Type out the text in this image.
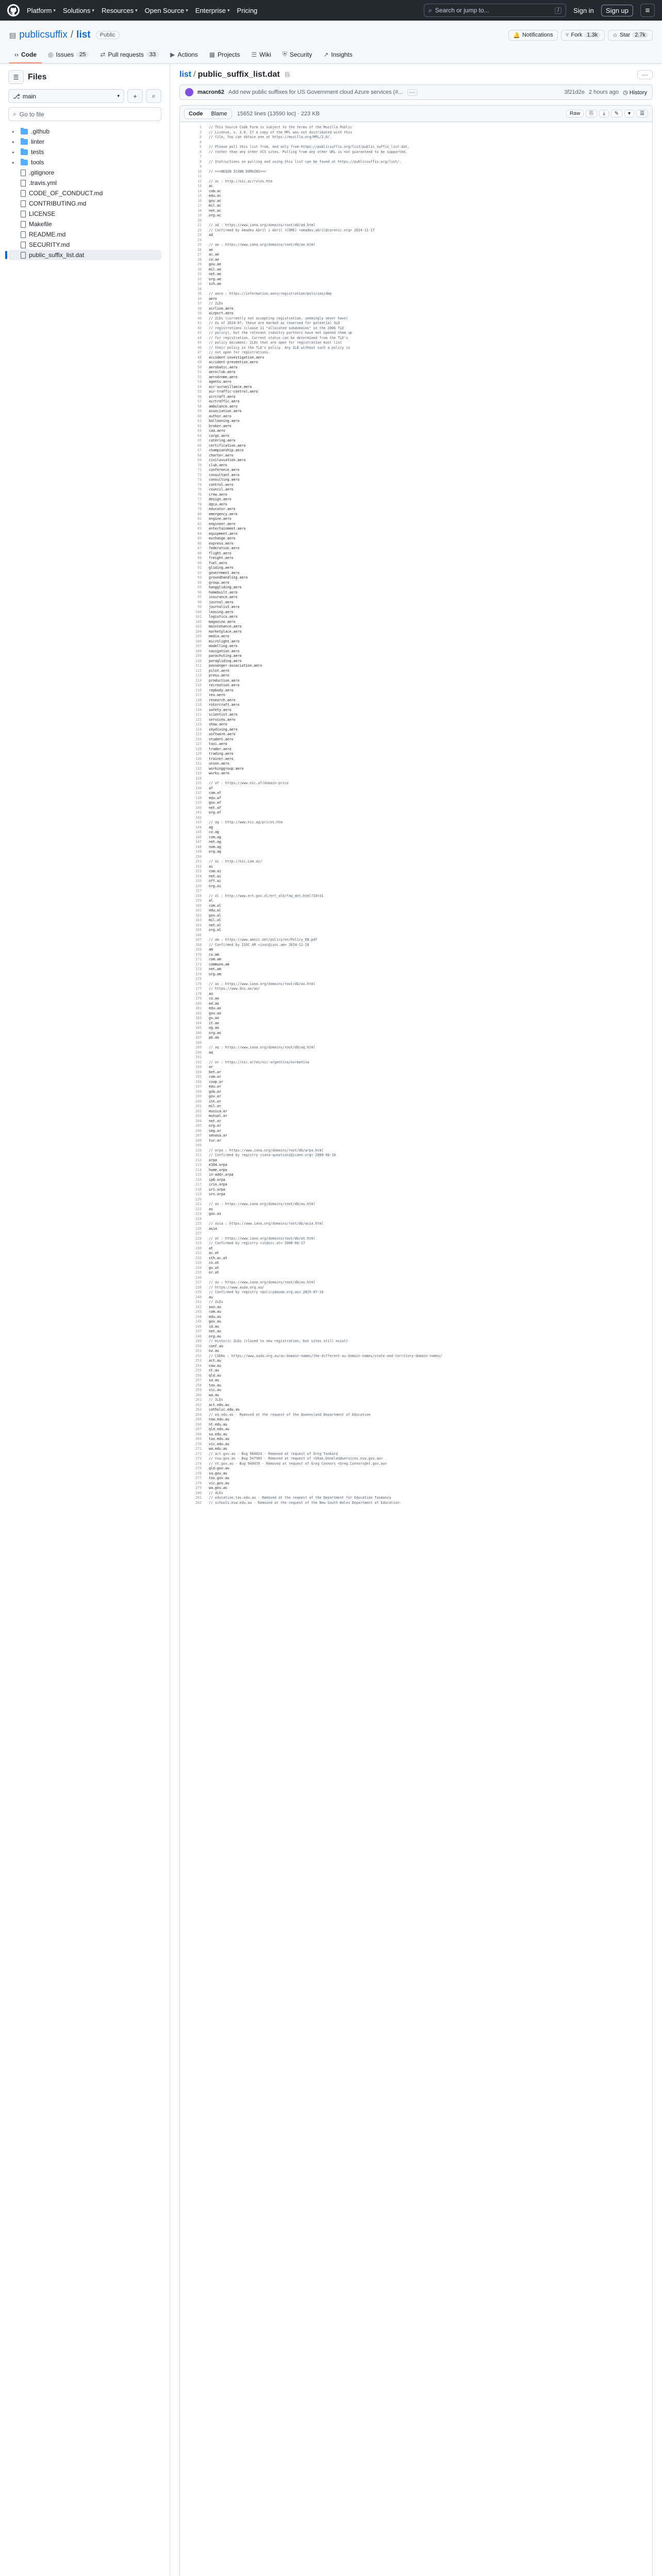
Platform ▾ Solutions ▾ Resources ▾ Open Source ▾ Enterprise ▾ Pricing	⌕ Search or jump to...	/	Sign in	Sign up	≡
▤ publicsuffix / list	Public	🔔 Notifications ⑂ Fork 1.3k	☆ Star 2.7k
‹› Code ◎ Issues	25	⇄ Pull requests	33	▶ Actions ▦ Projects ☰ Wiki ⛨ Security ↗ Insights
☰	Files
⎇ main	▾	+	⌕
⌕ Go to file
▸	.github
▸	linter
▸	tests
▸	tools
.gitignore
.travis.yml
CODE_OF_CONDUCT.md
CONTRIBUTING.md
LICENSE
Makefile
README.md
SECURITY.md
public_suffix_list.dat
list / public_suffix_list.dat ⎘	···
macron62 Add new public suffixes for US Government cloud Azure services (#...	···	3f21d2e 2 hours ago ◷ History
Code	Blame	15652 lines (13590 loc) · 223 KB	Raw	⎘	⤓	✎	▾	☰
1	// This Source Code Form is subject to the terms of the Mozilla Public
2	// License, v. 2.0. If a copy of the MPL was not distributed with this
3	// file, You can obtain one at https://mozilla.org/MPL/2.0/.
4
5	// Please pull this list from, and only from https://publicsuffix.org/list/public_suffix_list.dat,
6	// rather than any other VCS sites. Pulling from any other URL is not guaranteed to be supported.
7
8	// Instructions on pulling and using this list can be found at https://publicsuffix.org/list/.
9
10	// ===BEGIN ICANN DOMAINS===
11
12	// ac : http://nic.ac/rules.htm
13	ac
14	com.ac
15	edu.ac
16	gov.ac
17	mil.ac
18	net.ac
19	org.ac
20
21	// ad : https://www.iana.org/domains/root/db/ad.html
22	// Confirmed by Amadeu Abril i Abril (CORE) <amadeu.abril@corenic.org> 2024-11-17
23	ad
24
25	// ae : https://www.iana.org/domains/root/db/ae.html
26	ae
27	ac.ae
28	co.ae
29	gov.ae
30	mil.ae
31	net.ae
32	org.ae
33	sch.ae
34
35	// aero : https://information.aero/registration/policies/dmp
36	aero
37	// 2LDs
38	airline.aero
39	airport.aero
40	// 2LDs (currently not accepting registration, seemingly never have)
41	// As of 2024-07, these are marked as reserved for potential 3LD
42	// registrations (clause 11 "allocated subdomains" in the 2006 TLD
43	// policy), but the relevant industry partners have not opened them up
44	// for registration. Current status can be determined from the TLD's
45	// policy document: 2LDs that are open for registration must list
46	// their policy in the TLD's policy. Any 2LD without such a policy is
47	// not open for registrations.
48	accident-investigation.aero
49	accident-prevention.aero
50	aerobatic.aero
51	aeroclub.aero
52	aerodrome.aero
53	agents.aero
54	air-surveillance.aero
55	air-traffic-control.aero
56	aircraft.aero
57	airtraffic.aero
58	ambulance.aero
59	association.aero
60	author.aero
61	ballooning.aero
62	broker.aero
63	caa.aero
64	cargo.aero
65	catering.aero
66	certification.aero
67	championship.aero
68	charter.aero
69	civilaviation.aero
70	club.aero
71	conference.aero
72	consultant.aero
73	consulting.aero
74	control.aero
75	council.aero
76	crew.aero
77	design.aero
78	dgca.aero
79	educator.aero
80	emergency.aero
81	engine.aero
82	engineer.aero
83	entertainment.aero
84	equipment.aero
85	exchange.aero
86	express.aero
87	federation.aero
88	flight.aero
89	freight.aero
90	fuel.aero
91	gliding.aero
92	government.aero
93	groundhandling.aero
94	group.aero
95	hanggliding.aero
96	homebuilt.aero
97	insurance.aero
98	journal.aero
99	journalist.aero
100	leasing.aero
101	logistics.aero
102	magazine.aero
103	maintenance.aero
104	marketplace.aero
105	media.aero
106	microlight.aero
107	modelling.aero
108	navigation.aero
109	parachuting.aero
110	paragliding.aero
111	passenger-association.aero
112	pilot.aero
113	press.aero
114	production.aero
115	recreation.aero
116	repbody.aero
117	res.aero
118	research.aero
119	rotorcraft.aero
120	safety.aero
121	scientist.aero
122	services.aero
123	show.aero
124	skydiving.aero
125	software.aero
126	student.aero
127	taxi.aero
128	trader.aero
129	trading.aero
130	trainer.aero
131	union.aero
132	workinggroup.aero
133	works.aero
134
135	// af : https://www.nic.af/domain-price
136	af
137	com.af
138	edu.af
139	gov.af
140	net.af
141	org.af
142
143	// ag : http://www.nic.ag/prices.htm
144	ag
145	co.ag
146	com.ag
147	net.ag
148	nom.ag
149	org.ag
150
151	// ai : http://nic.com.ai/
152	ai
153	com.ai
154	net.ai
155	off.ai
156	org.ai
157
158	// al : http://www.ert.gov.al/ert_alb/faq_det.html?Id=31
159	al
160	com.al
161	edu.al
162	gov.al
163	mil.al
164	net.al
165	org.al
166
167	// am : https://www.amnic.net/policy/en/Policy_EN.pdf
168	// Confirmed by ISOC AM <isoc@isoc.am> 2024-11-18
169	am
170	co.am
171	com.am
172	commune.am
173	net.am
174	org.am
175
176	// ao : https://www.iana.org/domains/root/db/ao.html
177	// https://www.dns.ao/ao/
178	ao
179	co.ao
180	ed.ao
181	edu.ao
182	gov.ao
183	gv.ao
184	it.ao
185	og.ao
186	org.ao
187	pb.ao
188
189	// aq : https://www.iana.org/domains/root/db/aq.html
190	aq
191
192	// ar : https://nic.ar/es/nic-argentina/normativa
193	ar
194	bet.ar
195	com.ar
196	coop.ar
197	edu.ar
198	gob.ar
199	gov.ar
200	int.ar
201	mil.ar
202	musica.ar
203	mutual.ar
204	net.ar
205	org.ar
206	seg.ar
207	senasa.ar
208	tur.ar
209
210	// arpa : https://www.iana.org/domains/root/db/arpa.html
211	// Confirmed by registry <iana-questions@icann.org> 2008-06-18
212	arpa
213	e164.arpa
214	home.arpa
215	in-addr.arpa
216	ip6.arpa
217	iris.arpa
218	uri.arpa
219	urn.arpa
220
221	// as : https://www.iana.org/domains/root/db/as.html
222	as
223	gov.as
224
225	// asia : https://www.iana.org/domains/root/db/asia.html
226	asia
227
228	// at : https://www.iana.org/domains/root/db/at.html
229	// Confirmed by registry <it@nic.at> 2008-06-17
230	at
231	ac.at
232	sth.ac.at
233	co.at
234	gv.at
235	or.at
236
237	// au : https://www.iana.org/domains/root/db/au.html
238	// https://www.auda.org.au/
239	// Confirmed by registry <policy@auda.org.au> 2025-07-16
240	au
241	// 2LDs
242	asn.au
243	com.au
244	edu.au
245	gov.au
246	id.au
247	net.au
248	org.au
249	// Historic 2LDs (closed to new registration, but sites still exist)
250	conf.au
251	oz.au
252	// CGDNs : https://www.auda.org.au/au-domain-names/the-different-au-domain-names/state-and-territory-domain-names/
253	act.au
254	nsw.au
255	nt.au
256	qld.au
257	sa.au
258	tas.au
259	vic.au
260	wa.au
261	// 3LDs
262	act.edu.au
263	catholic.edu.au
264	// eq.edu.au - Removed at the request of the Queensland Department of Education
265	nsw.edu.au
266	nt.edu.au
267	qld.edu.au
268	sa.edu.au
269	tas.edu.au
270	vic.edu.au
271	wa.edu.au
272	// act.gov.au - Bug 984824 - Removed at request of Greg Tankard
273	// nsw.gov.au - Bug 547985 - Removed at request of <Shae.Donelan@services.nsw.gov.au>
274	// nt.gov.au - Bug 940478 - Removed at request of Greg Connors <Greg.Connors@nt.gov.au>
275	qld.gov.au
276	sa.gov.au
277	tas.gov.au
278	vic.gov.au
279	wa.gov.au
280	// 4LDs
281	// education.tas.edu.au - Removed at the request of the Department for Education Tasmania
282	// schools.nsw.edu.au - Removed at the request of the New South Wales Department of Education.
